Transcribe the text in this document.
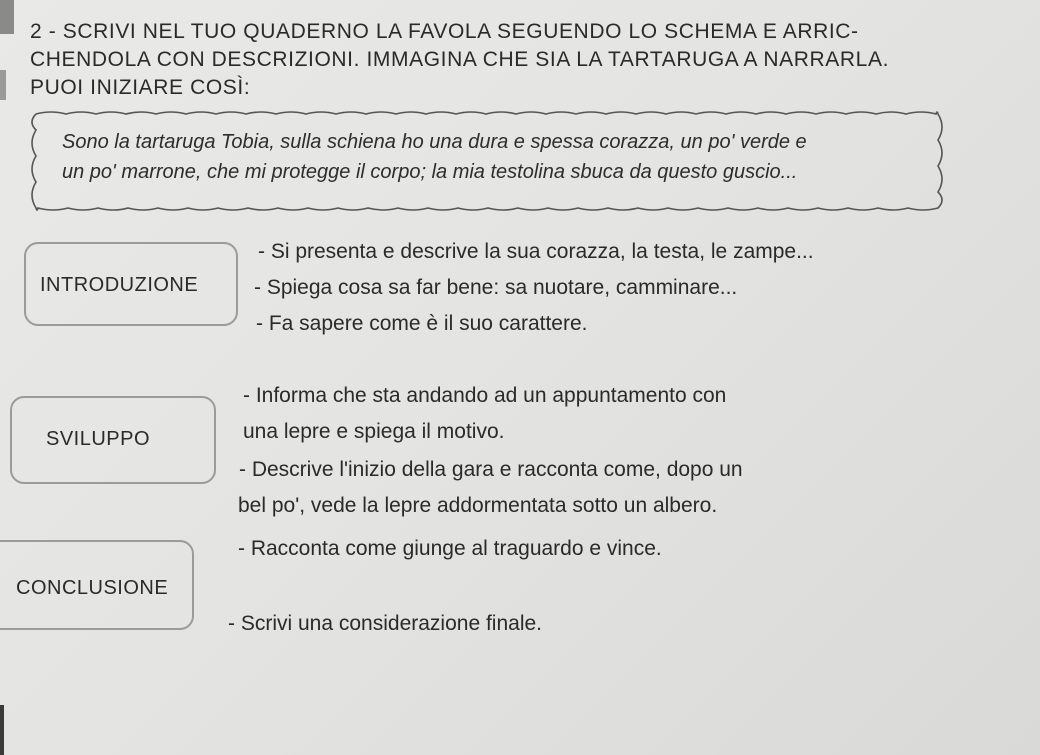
2 - SCRIVI NEL TUO QUADERNO LA FAVOLA SEGUENDO LO SCHEMA E ARRIC-
CHENDOLA CON DESCRIZIONI. IMMAGINA CHE SIA LA TARTARUGA A NARRARLA.
PUOI INIZIARE COSÌ:
Sono la tartaruga Tobia, sulla schiena ho una dura e spessa corazza, un po' verde e
un po' marrone, che mi protegge il corpo; la mia testolina sbuca da questo guscio...
INTRODUZIONE
- Si presenta e descrive la sua corazza, la testa, le zampe...
- Spiega cosa sa far bene: sa nuotare, camminare...
- Fa sapere come è il suo carattere.
SVILUPPO
- Informa che sta andando ad un appuntamento con
una lepre e spiega il motivo.
- Descrive l'inizio della gara e racconta come, dopo un
bel po', vede la lepre addormentata sotto un albero.
CONCLUSIONE
- Racconta come giunge al traguardo e vince.
- Scrivi una considerazione finale.
